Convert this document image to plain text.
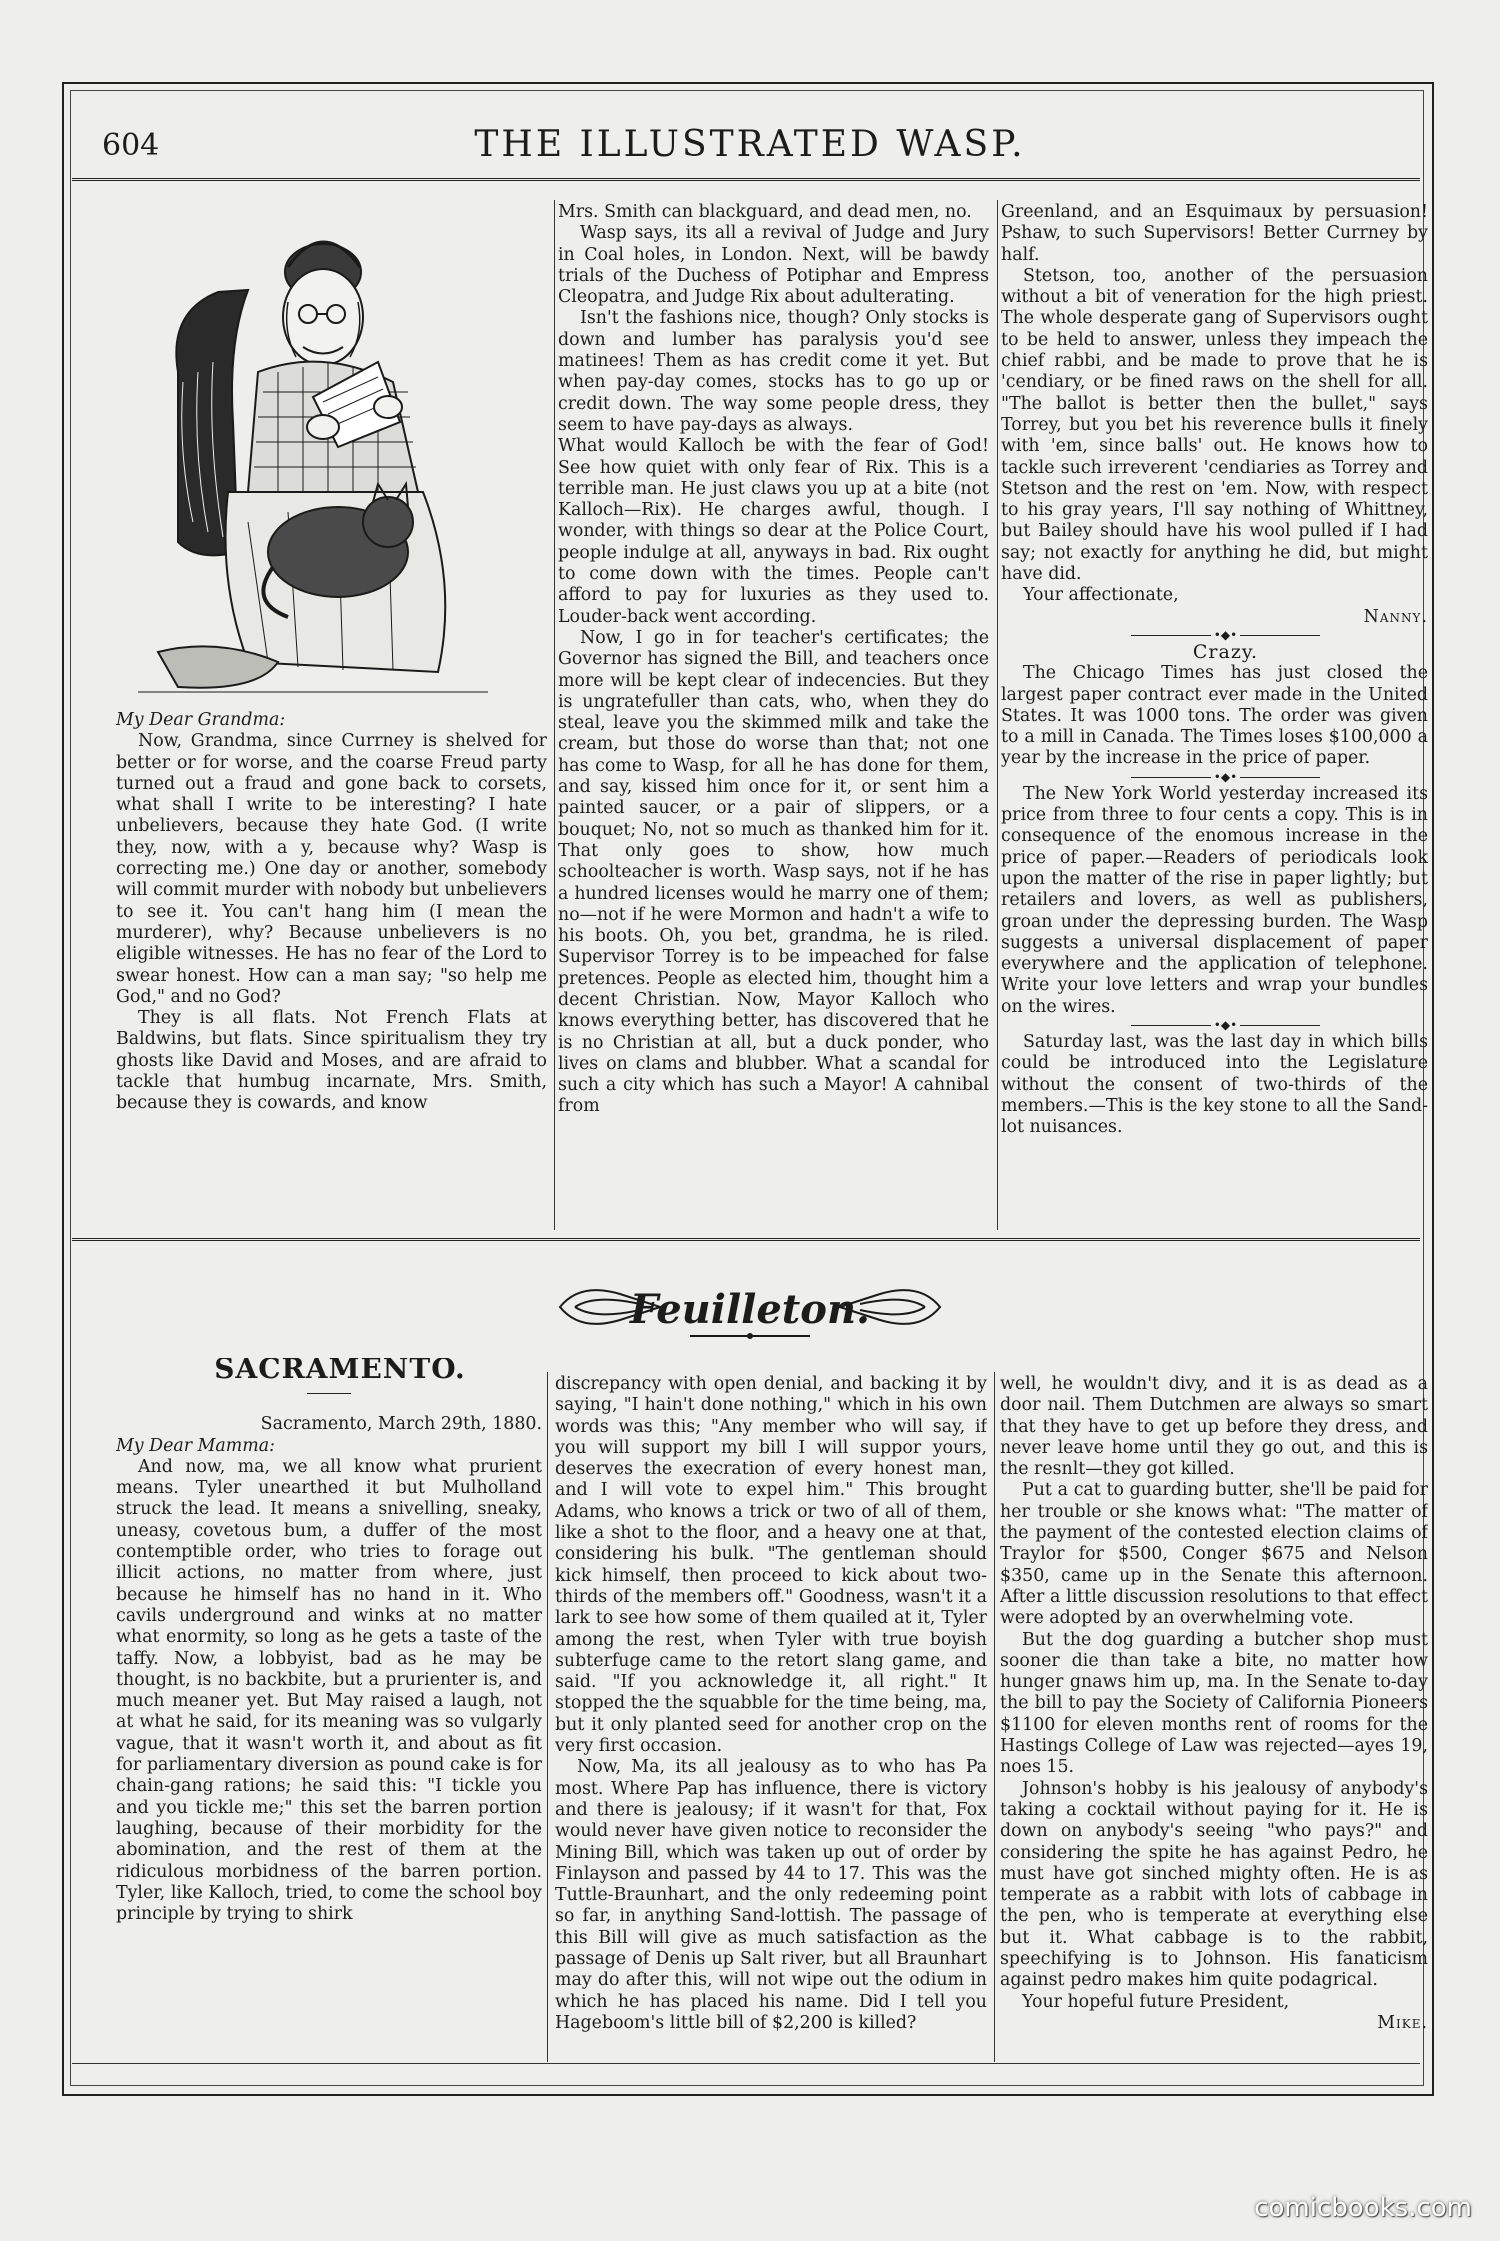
604	THE ILLUSTRATED WASP.

My Dear Grandma:

Now, Grandma, since Currney is shelved for better or for worse, and the coarse Freud party turned out a fraud and gone back to corsets, what shall I write to be interesting? I hate unbelievers, because they hate God. (I write they, now, with a y, because why? Wasp is correcting me.) One day or another, somebody will commit murder with nobody but unbelievers to see it. You can't hang him (I mean the murderer), why? Because unbelievers is no eligible witnesses. He has no fear of the Lord to swear honest. How can a man say; "so help me God," and no God?

They is all flats. Not French Flats at Baldwins, but flats. Since spiritualism they try ghosts like David and Moses, and are afraid to tackle that humbug incarnate, Mrs. Smith, because they is cowards, and know

Mrs. Smith can blackguard, and dead men, no.

Wasp says, its all a revival of Judge and Jury in Coal holes, in London. Next, will be bawdy trials of the Duchess of Potiphar and Empress Cleopatra, and Judge Rix about adulterating.

Isn't the fashions nice, though? Only stocks is down and lumber has paralysis you'd see matinees! Them as has credit come it yet. But when pay-day comes, stocks has to go up or credit down. The way some people dress, they seem to have pay-days as always.

What would Kalloch be with the fear of God! See how quiet with only fear of Rix. This is a terrible man. He just claws you up at a bite (not Kalloch—Rix). He charges awful, though. I wonder, with things so dear at the Police Court, people indulge at all, anyways in bad. Rix ought to come down with the times. People can't afford to pay for luxuries as they used to. Louder-back went according.

Now, I go in for teacher's certificates; the Governor has signed the Bill, and teachers once more will be kept clear of indecencies. But they is ungratefuller than cats, who, when they do steal, leave you the skimmed milk and take the cream, but those do worse than that; not one has come to Wasp, for all he has done for them, and say, kissed him once for it, or sent him a painted saucer, or a pair of slippers, or a bouquet; No, not so much as thanked him for it. That only goes to show, how much schoolteacher is worth. Wasp says, not if he has a hundred licenses would he marry one of them; no—not if he were Mormon and hadn't a wife to his boots. Oh, you bet, grandma, he is riled. Supervisor Torrey is to be impeached for false pretences. People as elected him, thought him a decent Christian. Now, Mayor Kalloch who knows everything better, has discovered that he is no Christian at all, but a duck ponder, who lives on clams and blubber. What a scandal for such a city which has such a Mayor! A cahnibal from

Greenland, and an Esquimaux by persuasion! Pshaw, to such Supervisors! Better Currney by half.

Stetson, too, another of the persuasion without a bit of veneration for the high priest. The whole desperate gang of Supervisors ought to be held to answer, unless they impeach the chief rabbi, and be made to prove that he is 'cendiary, or be fined raws on the shell for all. "The ballot is better then the bullet," says Torrey, but you bet his reverence bulls it finely with 'em, since balls' out. He knows how to tackle such irreverent 'cendiaries as Torrey and Stetson and the rest on 'em. Now, with respect to his gray years, I'll say nothing of Whittney, but Bailey should have his wool pulled if I had say; not exactly for anything he did, but might have did.

Your affectionate,

Nanny.

•◆•

Crazy.

The Chicago Times has just closed the largest paper contract ever made in the United States. It was 1000 tons. The order was given to a mill in Canada. The Times loses $100,000 a year by the increase in the price of paper.

•◆•

The New York World yesterday increased its price from three to four cents a copy. This is in consequence of the enomous increase in the price of paper.—Readers of periodicals look upon the matter of the rise in paper lightly; but retailers and lovers, as well as publishers, groan under the depressing burden. The Wasp suggests a universal displacement of paper everywhere and the application of telephone. Write your love letters and wrap your bundles on the wires.

•◆•

Saturday last, was the last day in which bills could be introduced into the Legislature without the consent of two-thirds of the members.—This is the key stone to all the Sand-lot nuisances.

Feuilleton.

SACRAMENTO.

Sacramento, March 29th, 1880.

My Dear Mamma:

And now, ma, we all know what prurient means. Tyler unearthed it but Mulholland struck the lead. It means a snivelling, sneaky, uneasy, covetous bum, a duffer of the most contemptible order, who tries to forage out illicit actions, no matter from where, just because he himself has no hand in it. Who cavils underground and winks at no matter what enormity, so long as he gets a taste of the taffy. Now, a lobbyist, bad as he may be thought, is no backbite, but a prurienter is, and much meaner yet. But May raised a laugh, not at what he said, for its meaning was so vulgarly vague, that it wasn't worth it, and about as fit for parliamentary diversion as pound cake is for chain-gang rations; he said this: "I tickle you and you tickle me;" this set the barren portion laughing, because of their morbidity for the abomination, and the rest of them at the ridiculous morbidness of the barren portion. Tyler, like Kalloch, tried, to come the school boy principle by trying to shirk

discrepancy with open denial, and backing it by saying, "I hain't done nothing," which in his own words was this; "Any member who will say, if you will support my bill I will suppor yours, deserves the execration of every honest man, and I will vote to expel him." This brought Adams, who knows a trick or two of all of them, like a shot to the floor, and a heavy one at that, considering his bulk. "The gentleman should kick himself, then proceed to kick about two-thirds of the members off." Goodness, wasn't it a lark to see how some of them quailed at it, Tyler among the rest, when Tyler with true boyish subterfuge came to the retort slang game, and said. "If you acknowledge it, all right." It stopped the the squabble for the time being, ma, but it only planted seed for another crop on the very first occasion.

Now, Ma, its all jealousy as to who has Pa most. Where Pap has influence, there is victory and there is jealousy; if it wasn't for that, Fox would never have given notice to reconsider the Mining Bill, which was taken up out of order by Finlayson and passed by 44 to 17. This was the Tuttle-Braunhart, and the only redeeming point so far, in anything Sand-lottish. The passage of this Bill will give as much satisfaction as the passage of Denis up Salt river, but all Braunhart may do after this, will not wipe out the odium in which he has placed his name. Did I tell you Hageboom's little bill of $2,200 is killed?

well, he wouldn't divy, and it is as dead as a door nail. Them Dutchmen are always so smart that they have to get up before they dress, and never leave home until they go out, and this is the resnlt—they got killed.

Put a cat to guarding butter, she'll be paid for her trouble or she knows what: "The matter of the payment of the contested election claims of Traylor for $500, Conger $675 and Nelson $350, came up in the Senate this afternoon. After a little discussion resolutions to that effect were adopted by an overwhelming vote.

But the dog guarding a butcher shop must sooner die than take a bite, no matter how hunger gnaws him up, ma. In the Senate to-day the bill to pay the Society of California Pioneers $1100 for eleven months rent of rooms for the Hastings College of Law was rejected—ayes 19, noes 15.

Johnson's hobby is his jealousy of anybody's taking a cocktail without paying for it. He is down on anybody's seeing "who pays?" and considering the spite he has against Pedro, he must have got sinched mighty often. He is as temperate as a rabbit with lots of cabbage in the pen, who is temperate at everything else but it. What cabbage is to the rabbit, speechifying is to Johnson. His fanaticism against pedro makes him quite podagrical.

Your hopeful future President,

Mike.

comicbooks.com
